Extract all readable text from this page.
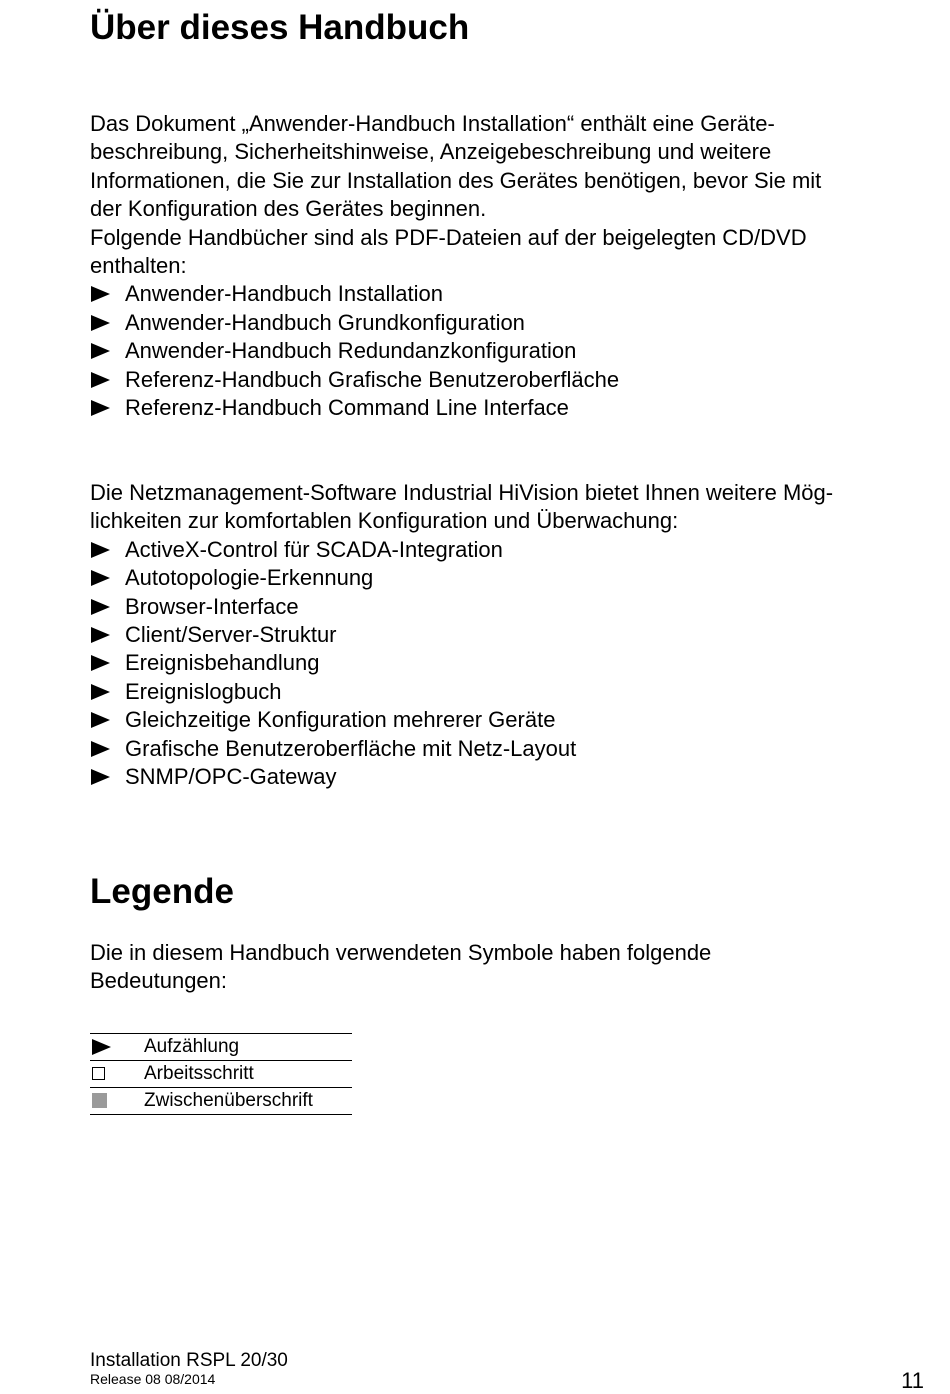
Über dieses Handbuch

Das Dokument „Anwender-Handbuch Installation“ enthält eine Geräte-

beschreibung, Sicherheitshinweise, Anzeigebeschreibung und weitere

Informationen, die Sie zur Installation des Gerätes benötigen, bevor Sie mit

der Konfiguration des Gerätes beginnen.

Folgende Handbücher sind als PDF-Dateien auf der beigelegten CD/DVD

enthalten:

Anwender-Handbuch Installation
Anwender-Handbuch Grundkonfiguration
Anwender-Handbuch Redundanzkonfiguration
Referenz-Handbuch Grafische Benutzeroberfläche
Referenz-Handbuch Command Line Interface

Die Netzmanagement-Software Industrial HiVision bietet Ihnen weitere Mög-

lichkeiten zur komfortablen Konfiguration und Überwachung:

ActiveX-Control für SCADA-Integration
Autotopologie-Erkennung
Browser-Interface
Client/Server-Struktur
Ereignisbehandlung
Ereignislogbuch
Gleichzeitige Konfiguration mehrerer Geräte
Grafische Benutzeroberfläche mit Netz-Layout
SNMP/OPC-Gateway
Legende

Die in diesem Handbuch verwendeten Symbole haben folgende

Bedeutungen:

	Aufzählung
	Arbeitsschritt
	Zwischenüberschrift
Installation RSPL 20/30
Release 08 08/2014	11
